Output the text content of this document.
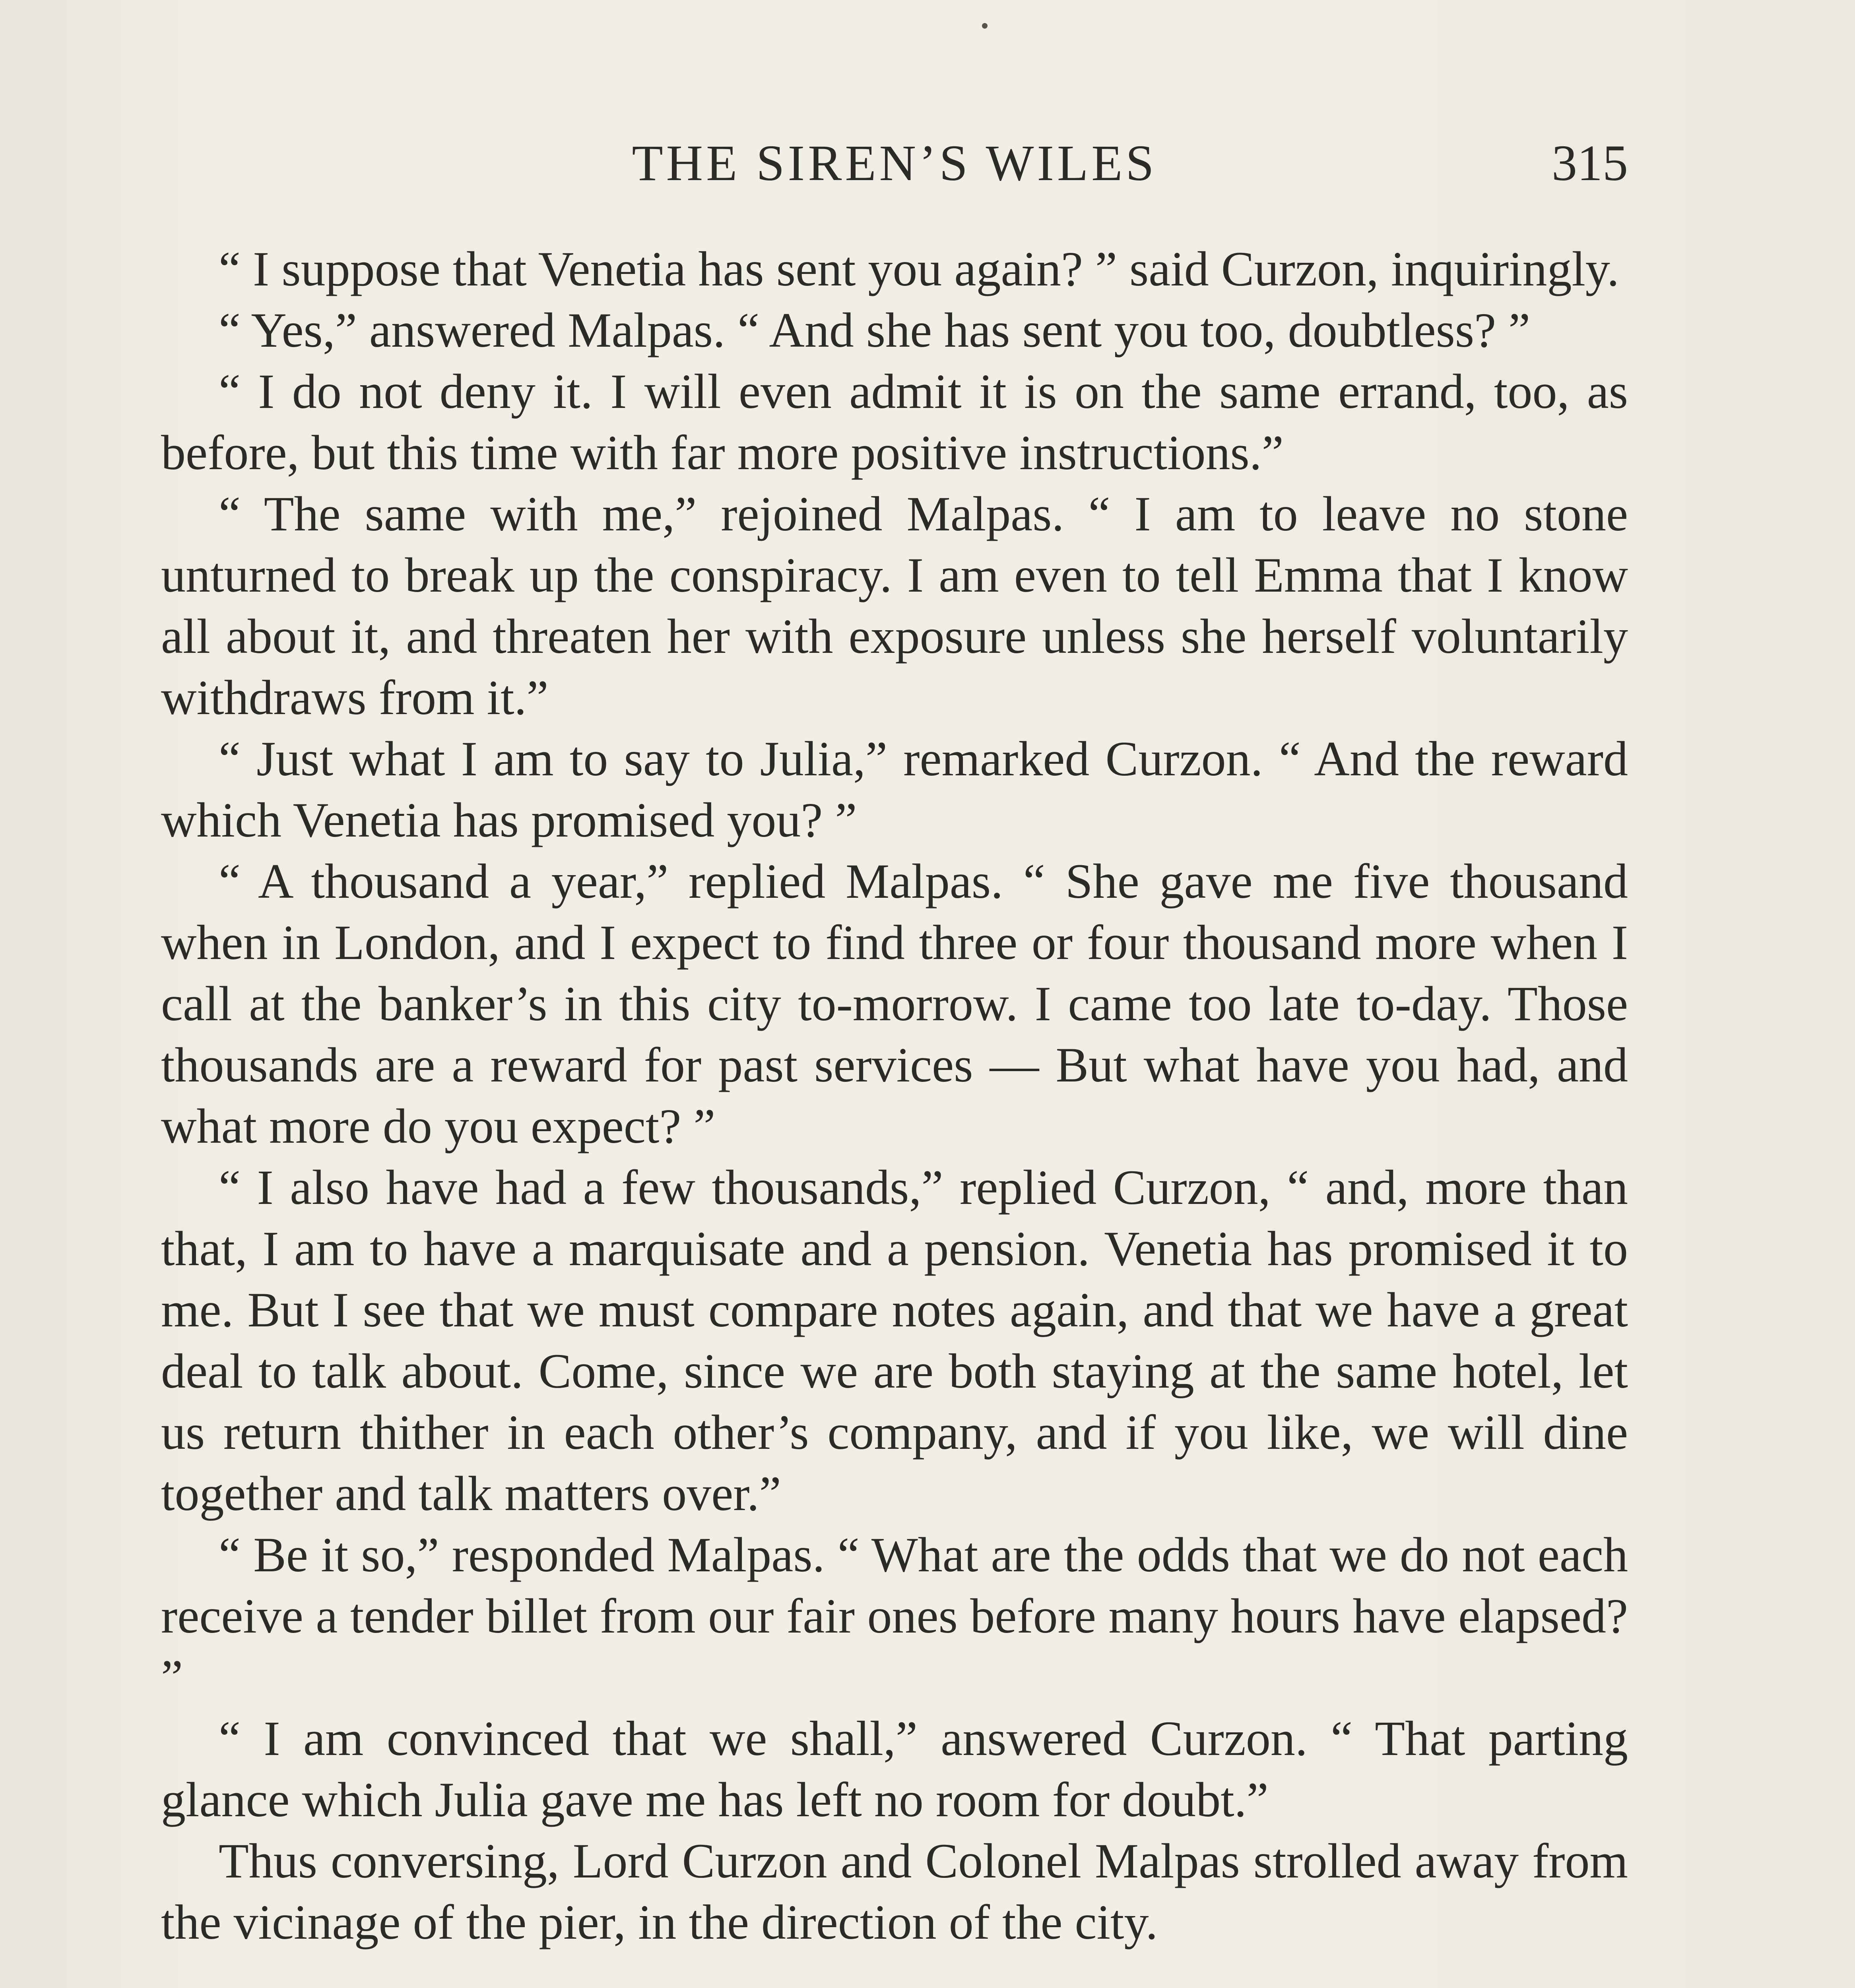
THE SIREN’S WILES	315

“ I suppose that Venetia has sent you again? ” said Curzon, inquiringly.

“ Yes,” answered Malpas. “ And she has sent you too, doubtless? ”

“ I do not deny it. I will even admit it is on the same errand, too, as before, but this time with far more positive instructions.”

“ The same with me,” rejoined Malpas. “ I am to leave no stone unturned to break up the conspiracy. I am even to tell Emma that I know all about it, and threaten her with exposure unless she herself voluntarily withdraws from it.”

“ Just what I am to say to Julia,” remarked Curzon. “ And the reward which Venetia has promised you? ”

“ A thousand a year,” replied Malpas. “ She gave me five thousand when in London, and I expect to find three or four thousand more when I call at the banker’s in this city to-morrow. I came too late to-day. Those thousands are a reward for past services — But what have you had, and what more do you expect? ”

“ I also have had a few thousands,” replied Curzon, “ and, more than that, I am to have a marquisate and a pension. Venetia has promised it to me. But I see that we must compare notes again, and that we have a great deal to talk about. Come, since we are both staying at the same hotel, let us return thither in each other’s company, and if you like, we will dine together and talk matters over.”

“ Be it so,” responded Malpas. “ What are the odds that we do not each receive a tender billet from our fair ones before many hours have elapsed? ”

“ I am convinced that we shall,” answered Curzon. “ That parting glance which Julia gave me has left no room for doubt.”

Thus conversing, Lord Curzon and Colonel Malpas strolled away from the vicinage of the pier, in the direction of the city.
